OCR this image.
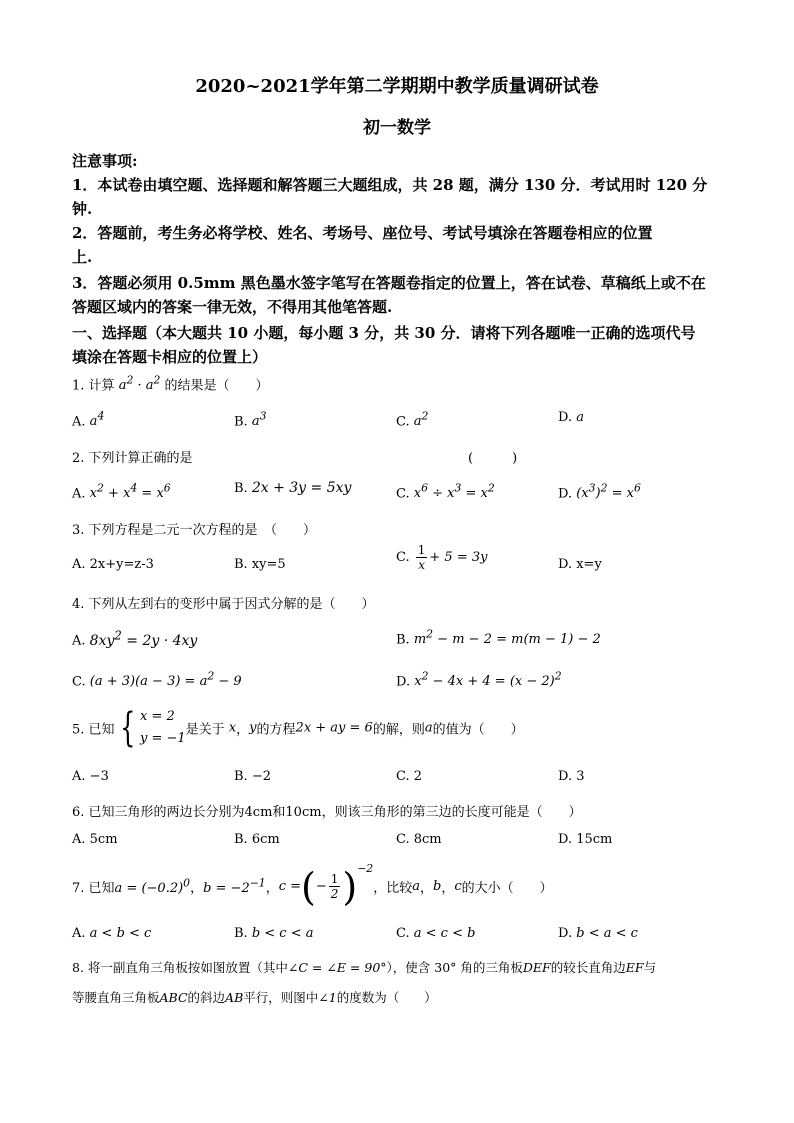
2020~2021学年第二学期期中教学质量调研试卷
初一数学
注意事项:
1．本试卷由填空题、选择题和解答题三大题组成，共 28 题，满分 130 分．考试用时 120 分
钟.
2．答题前，考生务必将学校、姓名、考场号、座位号、考试号填涂在答题卷相应的位置
上.
3．答题必须用 0.5mm 黑色墨水签字笔写在答题卷指定的位置上，答在试卷、草稿纸上或不在
答题区域内的答案一律无效，不得用其他笔答题.
一、选择题（本大题共 10 小题，每小题 3 分，共 30 分．请将下列各题唯一正确的选项代号
填涂在答题卡相应的位置上）
1. 计算 $a^2 \cdot a^2$ 的结果是（　　）
A. $a^4$	B. $a^3$	C. $a^2$	D. a
2. 下列计算正确的是	(　　　)
A. $x^2 + x^4 = x^6$	B. 2x + 3y = 5xy	C. $x^6 \div x^3 = x^2$	D. $(x^3)^2 = x^6$
3. 下列方程是二元一次方程的是　（　　）
A. 2x+y=z-3	B. xy=5	C. $\frac{1}{x} + 5 = 3y$	D. x=y
4. 下列从左到右的变形中属于因式分解的是（　　）
A. $8xy^2 = 2y \cdot 4xy$	B. $m^2 - m - 2 = m(m - 1) - 2$
C. $(a + 3)(a - 3) = a^2 - 9$	D. $x^2 - 4x + 4 = (x - 2)^2$
5. 已知 { x = 2
y = −1是关于 x，y的方程2x + ay = 6的解，则a的值为（　　）
A. −3	B. −2	C. 2	D. 3
6. 已知三角形的两边长分别为4cm和10cm，则该三角形的第三边的长度可能是（　　）
A. 5cm	B. 6cm	C. 8cm	D. 15cm
7. 已知$a = (-0.2)^0$，$b = -2^{-1}$，c =(− $\frac{1}{2} )^{-2}$，比较a，b，c的大小（　　）
A. a < b < c	B. b < c < a	C. a < c < b	D. b < a < c
8. 将一副直角三角板按如图放置（其中∠C = ∠E = 90°），使含 30° 角的三角板DEF的较长直角边EF与
等腰直角三角板ABC的斜边AB平行，则图中∠1的度数为（　　）
